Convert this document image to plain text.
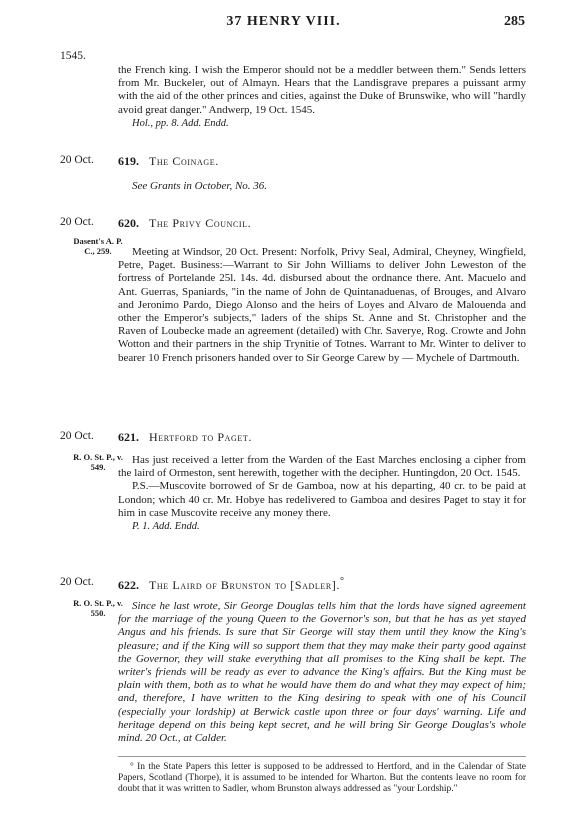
37 HENRY VIII.	285
1545.

the French king. I wish the Emperor should not be a meddler between them." Sends letters from Mr. Buckeler, out of Almayn. Hears that the Landisgrave prepares a puissant army with the aid of the other princes and cities, against the Duke of Brunswike, who will "hardly avoid great danger." Andwerp, 19 Oct. 1545.

Hol., pp. 8. Add. Endd.

20 Oct.	619. The Coinage.

See Grants in October, No. 36.

20 Oct.	620. The Privy Council.
Dasent's A. P. C., 259.	Meeting at Windsor, 20 Oct. Present: Norfolk, Privy Seal, Admiral, Cheyney, Wingfield, Petre, Paget. Business:—Warrant to Sir John Williams to deliver John Leweston of the fortress of Portelande 25l. 14s. 4d. disbursed about the ordnance there. Ant. Macuelo and Ant. Guerras, Spaniards, "in the name of John de Quintanaduenas, of Brouges, and Alvaro and Jeronimo Pardo, Diego Alonso and the heirs of Loyes and Alvaro de Malouenda and other the Emperor's subjects," laders of the ships St. Anne and St. Christopher and the Raven of Loubecke made an agreement (detailed) with Chr. Saverye, Rog. Crowte and John Wotton and their partners in the ship Trynitie of Totnes. Warrant to Mr. Winter to deliver to bearer 10 French prisoners handed over to Sir George Carew by — Mychele of Dartmouth.

20 Oct.	621. Hertford to Paget.
R. O. St. P., v. 549.

Has just received a letter from the Warden of the East Marches enclosing a cipher from the laird of Ormeston, sent herewith, together with the decipher. Huntingdon, 20 Oct. 1545.

P.S.—Muscovite borrowed of Sr de Gamboa, now at his departing, 40 cr. to be paid at London; which 40 cr. Mr. Hobye has redelivered to Gamboa and desires Paget to stay it for him in case Muscovite receive any money there.

P. 1. Add. Endd.

20 Oct.	622. The Laird of Brunston to [Sadler].°
R. O. St. P., v. 550.

Since he last wrote, Sir George Douglas tells him that the lords have signed agreement for the marriage of the young Queen to the Governor's son, but that he has as yet stayed Angus and his friends. Is sure that Sir George will stay them until they know the King's pleasure; and if the King will so support them that they may make their party good against the Governor, they will stake everything that all promises to the King shall be kept. The writer's friends will be ready as ever to advance the King's affairs. But the King must be plain with them, both as to what he would have them do and what they may expect of him; and, therefore, I have written to the King desiring to speak with one of his Council (especially your lordship) at Berwick castle upon three or four days' warning. Life and heritage depend on this being kept secret, and he will bring Sir George Douglas's whole mind. 20 Oct., at Calder.

° In the State Papers this letter is supposed to be addressed to Hertford, and in the Calendar of State Papers, Scotland (Thorpe), it is assumed to be intended for Wharton. But the contents leave no room for doubt that it was written to Sadler, whom Brunston always addressed as "your Lordship."
